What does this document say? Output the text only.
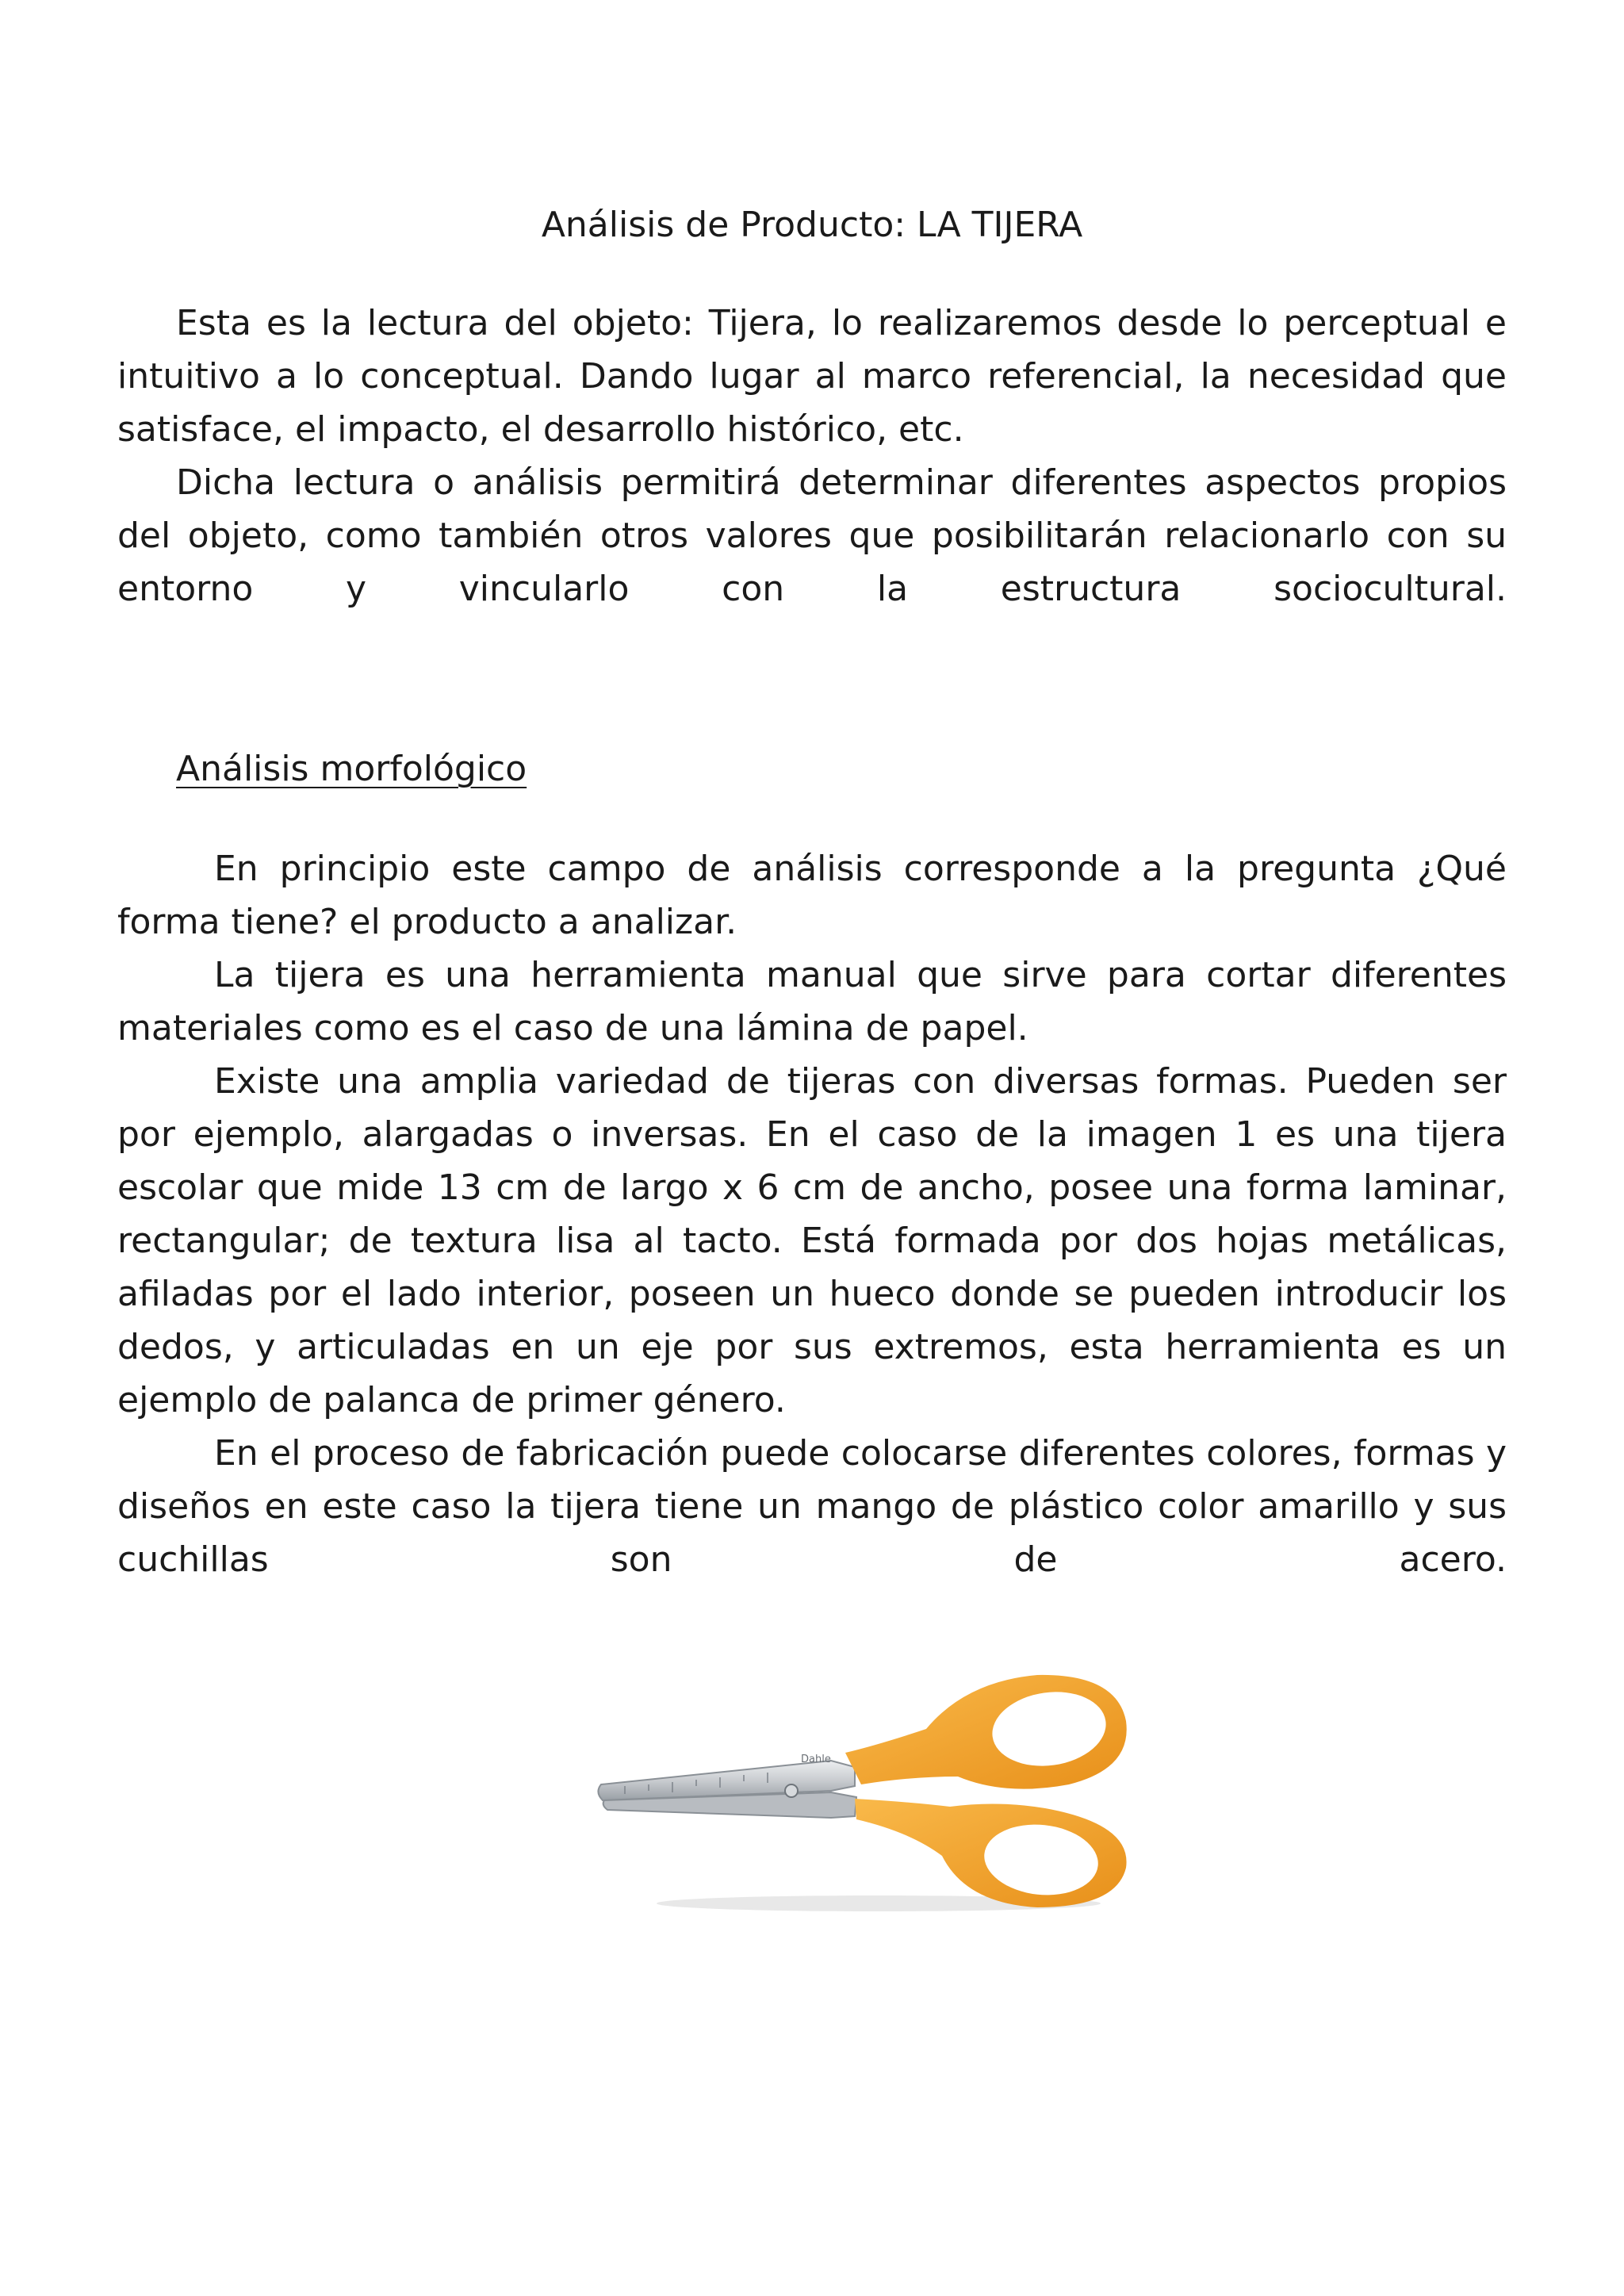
Análisis de Producto: LA TIJERA

Esta es la lectura del objeto: Tijera, lo realizaremos desde lo perceptual e intuitivo a lo conceptual. Dando lugar al marco referencial, la necesidad que satisface, el impacto, el desarrollo histórico, etc.

Dicha lectura o análisis permitirá determinar diferentes aspectos propios del objeto, como también otros valores que posibilitarán relacionarlo con su entorno y vincularlo con la estructura sociocultural.

Análisis morfológico

En principio este campo de análisis corresponde a la pregunta ¿Qué forma tiene? el producto a analizar.

La tijera es una herramienta manual que sirve para cortar diferentes materiales como es el caso de una lámina de papel.

Existe una amplia variedad de tijeras con diversas formas. Pueden ser por ejemplo, alargadas o inversas. En el caso de la imagen 1 es una tijera escolar que mide 13 cm de largo x 6 cm de ancho, posee una forma laminar, rectangular; de textura lisa al tacto. Está formada por dos hojas metálicas, afiladas por el lado interior, poseen un hueco donde se pueden introducir los dedos, y articuladas en un eje por sus extremos, esta herramienta es un ejemplo de palanca de primer género.

En el proceso de fabricación puede colocarse diferentes colores, formas y diseños en este caso la tijera tiene un mango de plástico color amarillo y sus cuchillas son de acero.

Dahle
